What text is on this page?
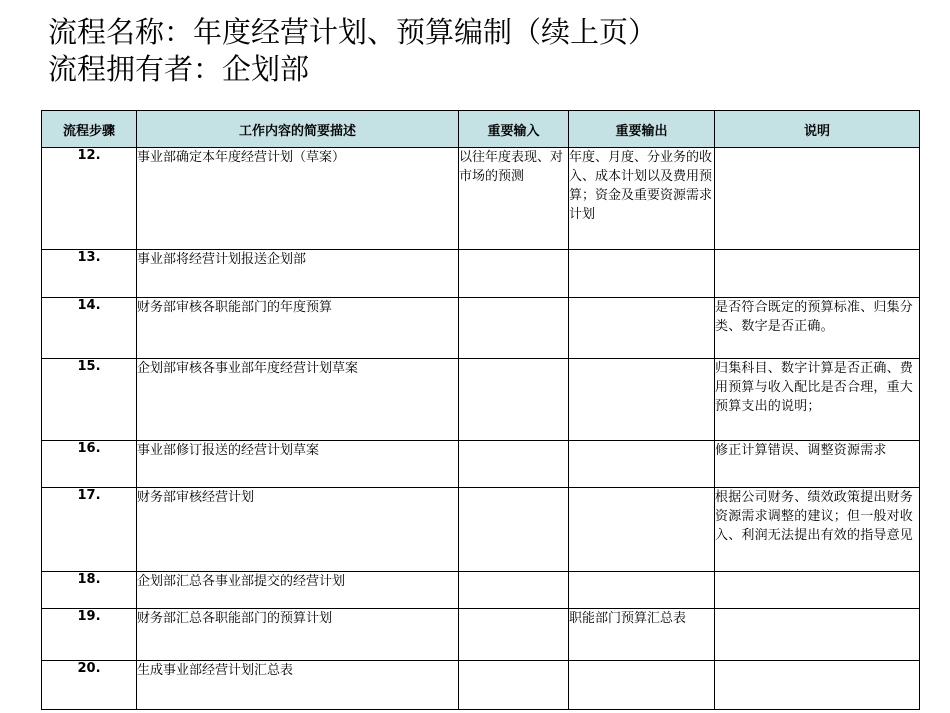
流程名称：年度经营计划、预算编制（续上页）
流程拥有者：企划部
流程步骤	工作内容的简要描述	重要输入	重要输出	说明
12.	事业部确定本年度经营计划（草案）	以往年度表现、对市场的预测	年度、月度、分业务的收入、成本计划以及费用预算；资金及重要资源需求计划	
13.	事业部将经营计划报送企划部			
14.	财务部审核各职能部门的年度预算			是否符合既定的预算标准、归集分类、数字是否正确。
15.	企划部审核各事业部年度经营计划草案			归集科目、数字计算是否正确、费用预算与收入配比是否合理，重大预算支出的说明；
16.	事业部修订报送的经营计划草案			修正计算错误、调整资源需求
17.	财务部审核经营计划			根据公司财务、绩效政策提出财务资源需求调整的建议；但一般对收入、利润无法提出有效的指导意见
18.	企划部汇总各事业部提交的经营计划			
19.	财务部汇总各职能部门的预算计划		职能部门预算汇总表	
20.	生成事业部经营计划汇总表			
